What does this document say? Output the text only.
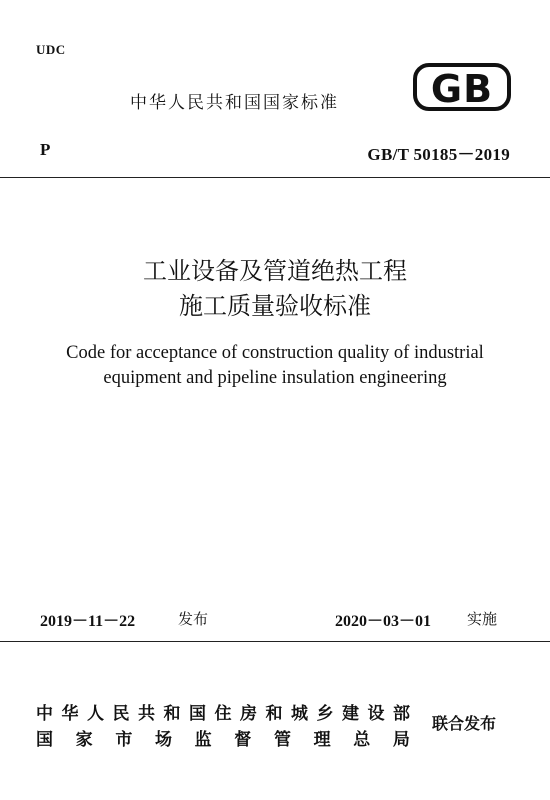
UDC
中华人民共和国国家标准 GB
P	GB/T 50185－2019
工业设备及管道绝热工程
施工质量验收标准
Code for acceptance of construction quality of industrial
equipment and pipeline insulation engineering
2019－11－22	发布	2020－03－01 实施
中 华 人 民 共 和 国 住 房 和 城 乡 建 设 部
国 家 市 场 监 督 管 理 总 局
联合发布
